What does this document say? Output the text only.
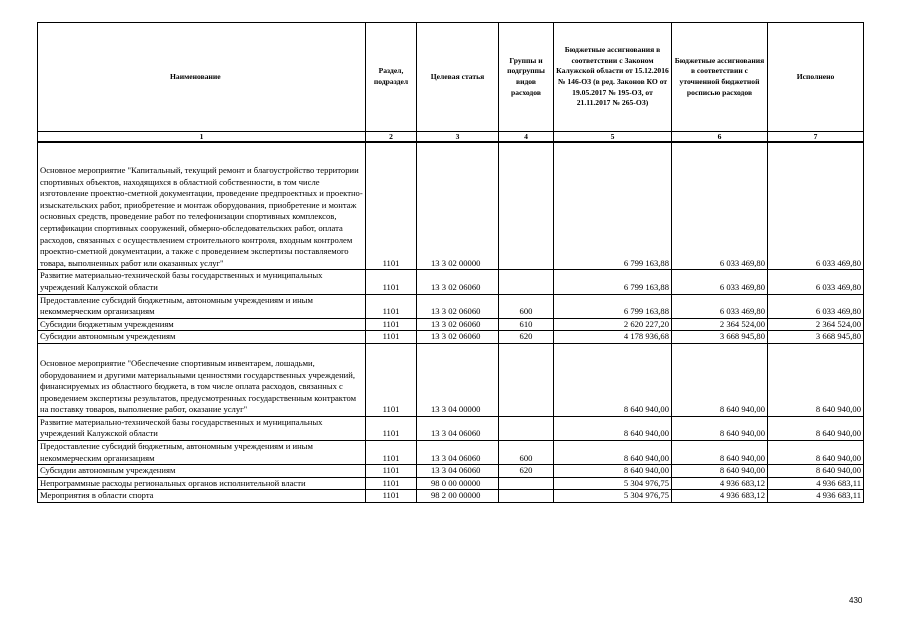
Наименование	Раздел, подраздел	Целевая статья	Группы и подгруппы видов расходов	Бюджетные ассигнования в соответствии с Законом Калужской области от 15.12.2016 № 146-ОЗ (в ред. Законов КО от 19.05.2017 № 195-ОЗ, от 21.11.2017 № 265-ОЗ)	Бюджетные ассигнования в соответствии с уточненной бюджетной росписью расходов	Исполнено
1	2	3	4	5	6	7
Основное мероприятие "Капитальный, текущий ремонт и благоустройство территории спортивных объектов, находящихся в областной собственности, в том числе изготовление проектно-сметной документации, проведение предпроектных и проектно-изыскательских работ, приобретение и монтаж оборудования, приобретение и монтаж основных средств, проведение работ по телефонизации спортивных комплексов, сертификации спортивных сооружений, обмерно-обследовательских работ, оплата расходов, связанных с осуществлением строительного контроля, входным контролем проектно-сметной документации, а также с проведением экспертизы поставляемого товара, выполненных работ или оказанных услуг"	1101	13 3 02 00000		6 799 163,88	6 033 469,80	6 033 469,80
Развитие материально-технической базы государственных и муниципальных учреждений Калужской области	1101	13 3 02 06060		6 799 163,88	6 033 469,80	6 033 469,80
Предоставление субсидий бюджетным, автономным учреждениям и иным некоммерческим организациям	1101	13 3 02 06060	600	6 799 163,88	6 033 469,80	6 033 469,80
Субсидии бюджетным учреждениям	1101	13 3 02 06060	610	2 620 227,20	2 364 524,00	2 364 524,00
Субсидии автономным учреждениям	1101	13 3 02 06060	620	4 178 936,68	3 668 945,80	3 668 945,80
Основное мероприятие "Обеспечение спортивным инвентарем, лошадьми, оборудованием и другими материальными ценностями государственных учреждений, финансируемых из областного бюджета, в том числе оплата расходов, связанных с проведением экспертизы результатов, предусмотренных государственным контрактом на поставку товаров, выполнение работ, оказание услуг"	1101	13 3 04 00000		8 640 940,00	8 640 940,00	8 640 940,00
Развитие материально-технической базы государственных и муниципальных учреждений Калужской области	1101	13 3 04 06060		8 640 940,00	8 640 940,00	8 640 940,00
Предоставление субсидий бюджетным, автономным учреждениям и иным некоммерческим организациям	1101	13 3 04 06060	600	8 640 940,00	8 640 940,00	8 640 940,00
Субсидии автономным учреждениям	1101	13 3 04 06060	620	8 640 940,00	8 640 940,00	8 640 940,00
Непрограммные расходы региональных органов исполнительной власти	1101	98 0 00 00000		5 304 976,75	4 936 683,12	4 936 683,11
Мероприятия в области спорта	1101	98 2 00 00000		5 304 976,75	4 936 683,12	4 936 683,11
430
